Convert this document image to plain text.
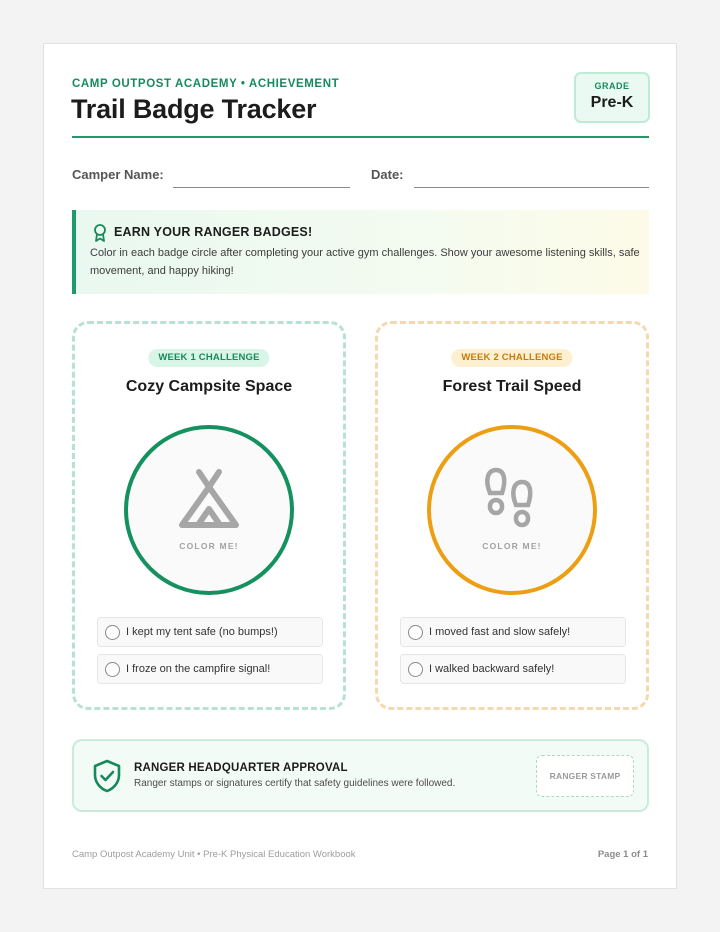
CAMP OUTPOST ACADEMY • ACHIEVEMENT
Trail Badge Tracker
GRADE
Pre-K
Camper Name:	Date:
EARN YOUR RANGER BADGES!
Color in each badge circle after completing your active gym challenges. Show your awesome listening skills, safe movement, and happy hiking!
WEEK 1 CHALLENGE
Cozy Campsite Space
COLOR ME!
I kept my tent safe (no bumps!)
I froze on the campfire signal!
WEEK 2 CHALLENGE
Forest Trail Speed
COLOR ME!
I moved fast and slow safely!
I walked backward safely!
RANGER HEADQUARTER APPROVAL
Ranger stamps or signatures certify that safety guidelines were followed.
RANGER STAMP
Camp Outpost Academy Unit • Pre-K Physical Education Workbook	Page 1 of 1
